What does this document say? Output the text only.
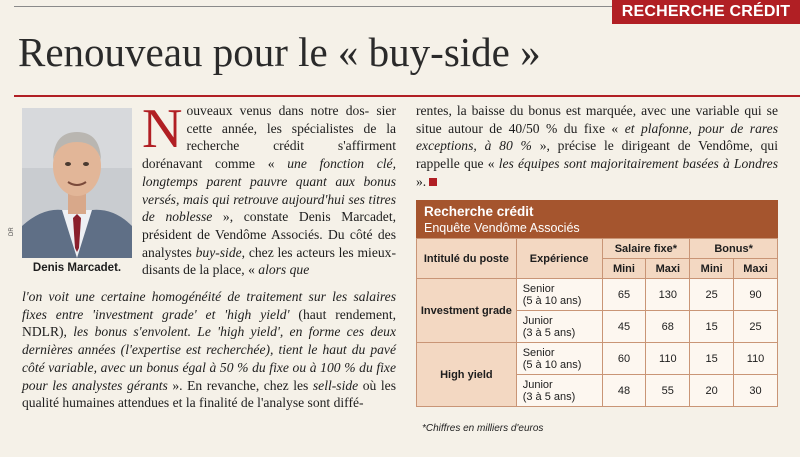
RECHERCHE CRÉDIT
Renouveau pour le « buy-side »
DR
Denis Marcadet.

Nouveaux venus dans notre dos- sier cette année, les spécialistes de la recherche crédit s'affirment dorénavant comme « une fonction clé, longtemps parent pauvre quant aux bonus versés, mais qui retrouve aujourd'hui ses titres de noblesse », constate Denis Marcadet, président de Vendôme Associés. Du côté des analystes buy-side, chez les acteurs les mieux-disants de la place, « alors que

l'on voit une certaine homogénéité de traitement sur les salaires fixes entre 'investment grade' et 'high yield' (haut rendement, NDLR), les bonus s'envolent. Le 'high yield', en forme ces deux dernières années (l'expertise est recherchée), tient le haut du pavé côté variable, avec un bonus égal à 50 % du fixe ou à 100 % du fixe pour les analystes gérants ». En revanche, chez les sell-side où les qualité humaines attendues et la finalité de l'analyse sont diffé-

rentes, la baisse du bonus est marquée, avec une variable qui se situe autour de 40/50 % du fixe « et plafonne, pour de rares exceptions, à 80 % », précise le dirigeant de Vendôme, qui rappelle que « les équipes sont majoritairement basées à Londres ».

Recherche crédit
Enquête Vendôme Associés
Intitulé du poste	Expérience	Salaire fixe*		Bonus*	
		Mini	Maxi	Mini	Maxi
Investment grade	Senior
(5 à 10 ans)	65	130	25	90
	Junior
(3 à 5 ans)	45	68	15	25
High yield	Senior
(5 à 10 ans)	60	110	15	110
	Junior
(3 à 5 ans)	48	55	20	30
*Chiffres en milliers d'euros
